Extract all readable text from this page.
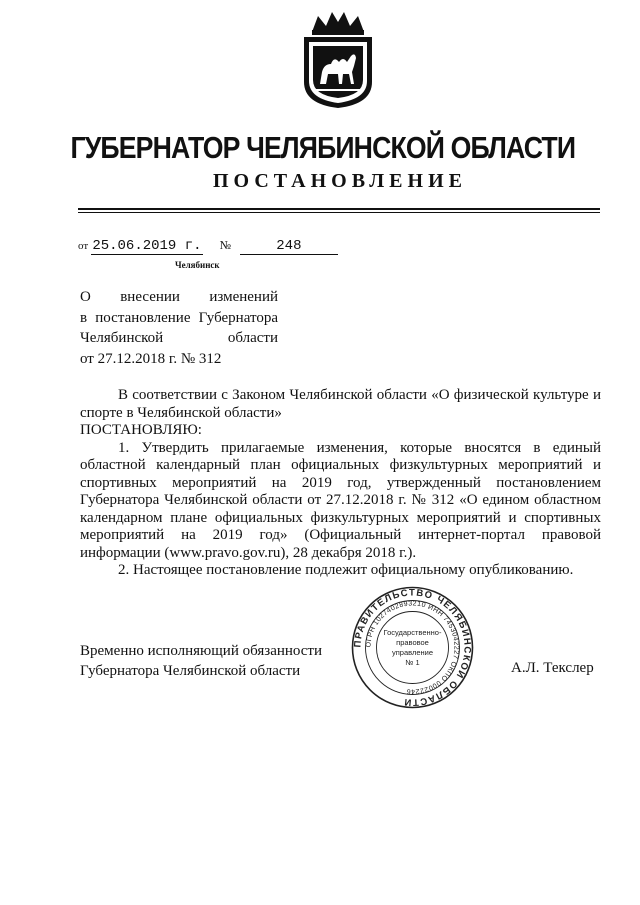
ГУБЕРНАТОР ЧЕЛЯБИНСКОЙ ОБЛАСТИ
ПОСТАНОВЛЕНИЕ
от 25.06.2019 г. №	248
Челябинск
О внесении изменений
в постановление Губернатора
Челябинской области
от 27.12.2018 г. № 312

В соответствии с Законом Челябинской области «О физической культуре и спорте в Челябинской области»

ПОСТАНОВЛЯЮ:

1. Утвердить прилагаемые изменения, которые вносятся в единый областной календарный план официальных физкультурных мероприятий и спортивных мероприятий на 2019 год, утвержденный постановлением Губернатора Челябинской области от 27.12.2018 г. № 312 «О едином областном календарном плане официальных физкультурных мероприятий и спортивных мероприятий на 2019 год» (Официальный интернет-портал правовой информации (www.pravo.gov.ru), 28 декабря 2018 г.).

2. Настоящее постановление подлежит официальному опубликованию.

ПРАВИТЕЛЬСТВО ЧЕЛЯБИНСКОЙ ОБЛАСТИ
ОГРН 1027402893210 ИНН 7453042227 ОКПО 00022246
Государственно-
правовое
управление
№ 1
Временно исполняющий обязанности
Губернатора Челябинской области	А.Л. Текслер
